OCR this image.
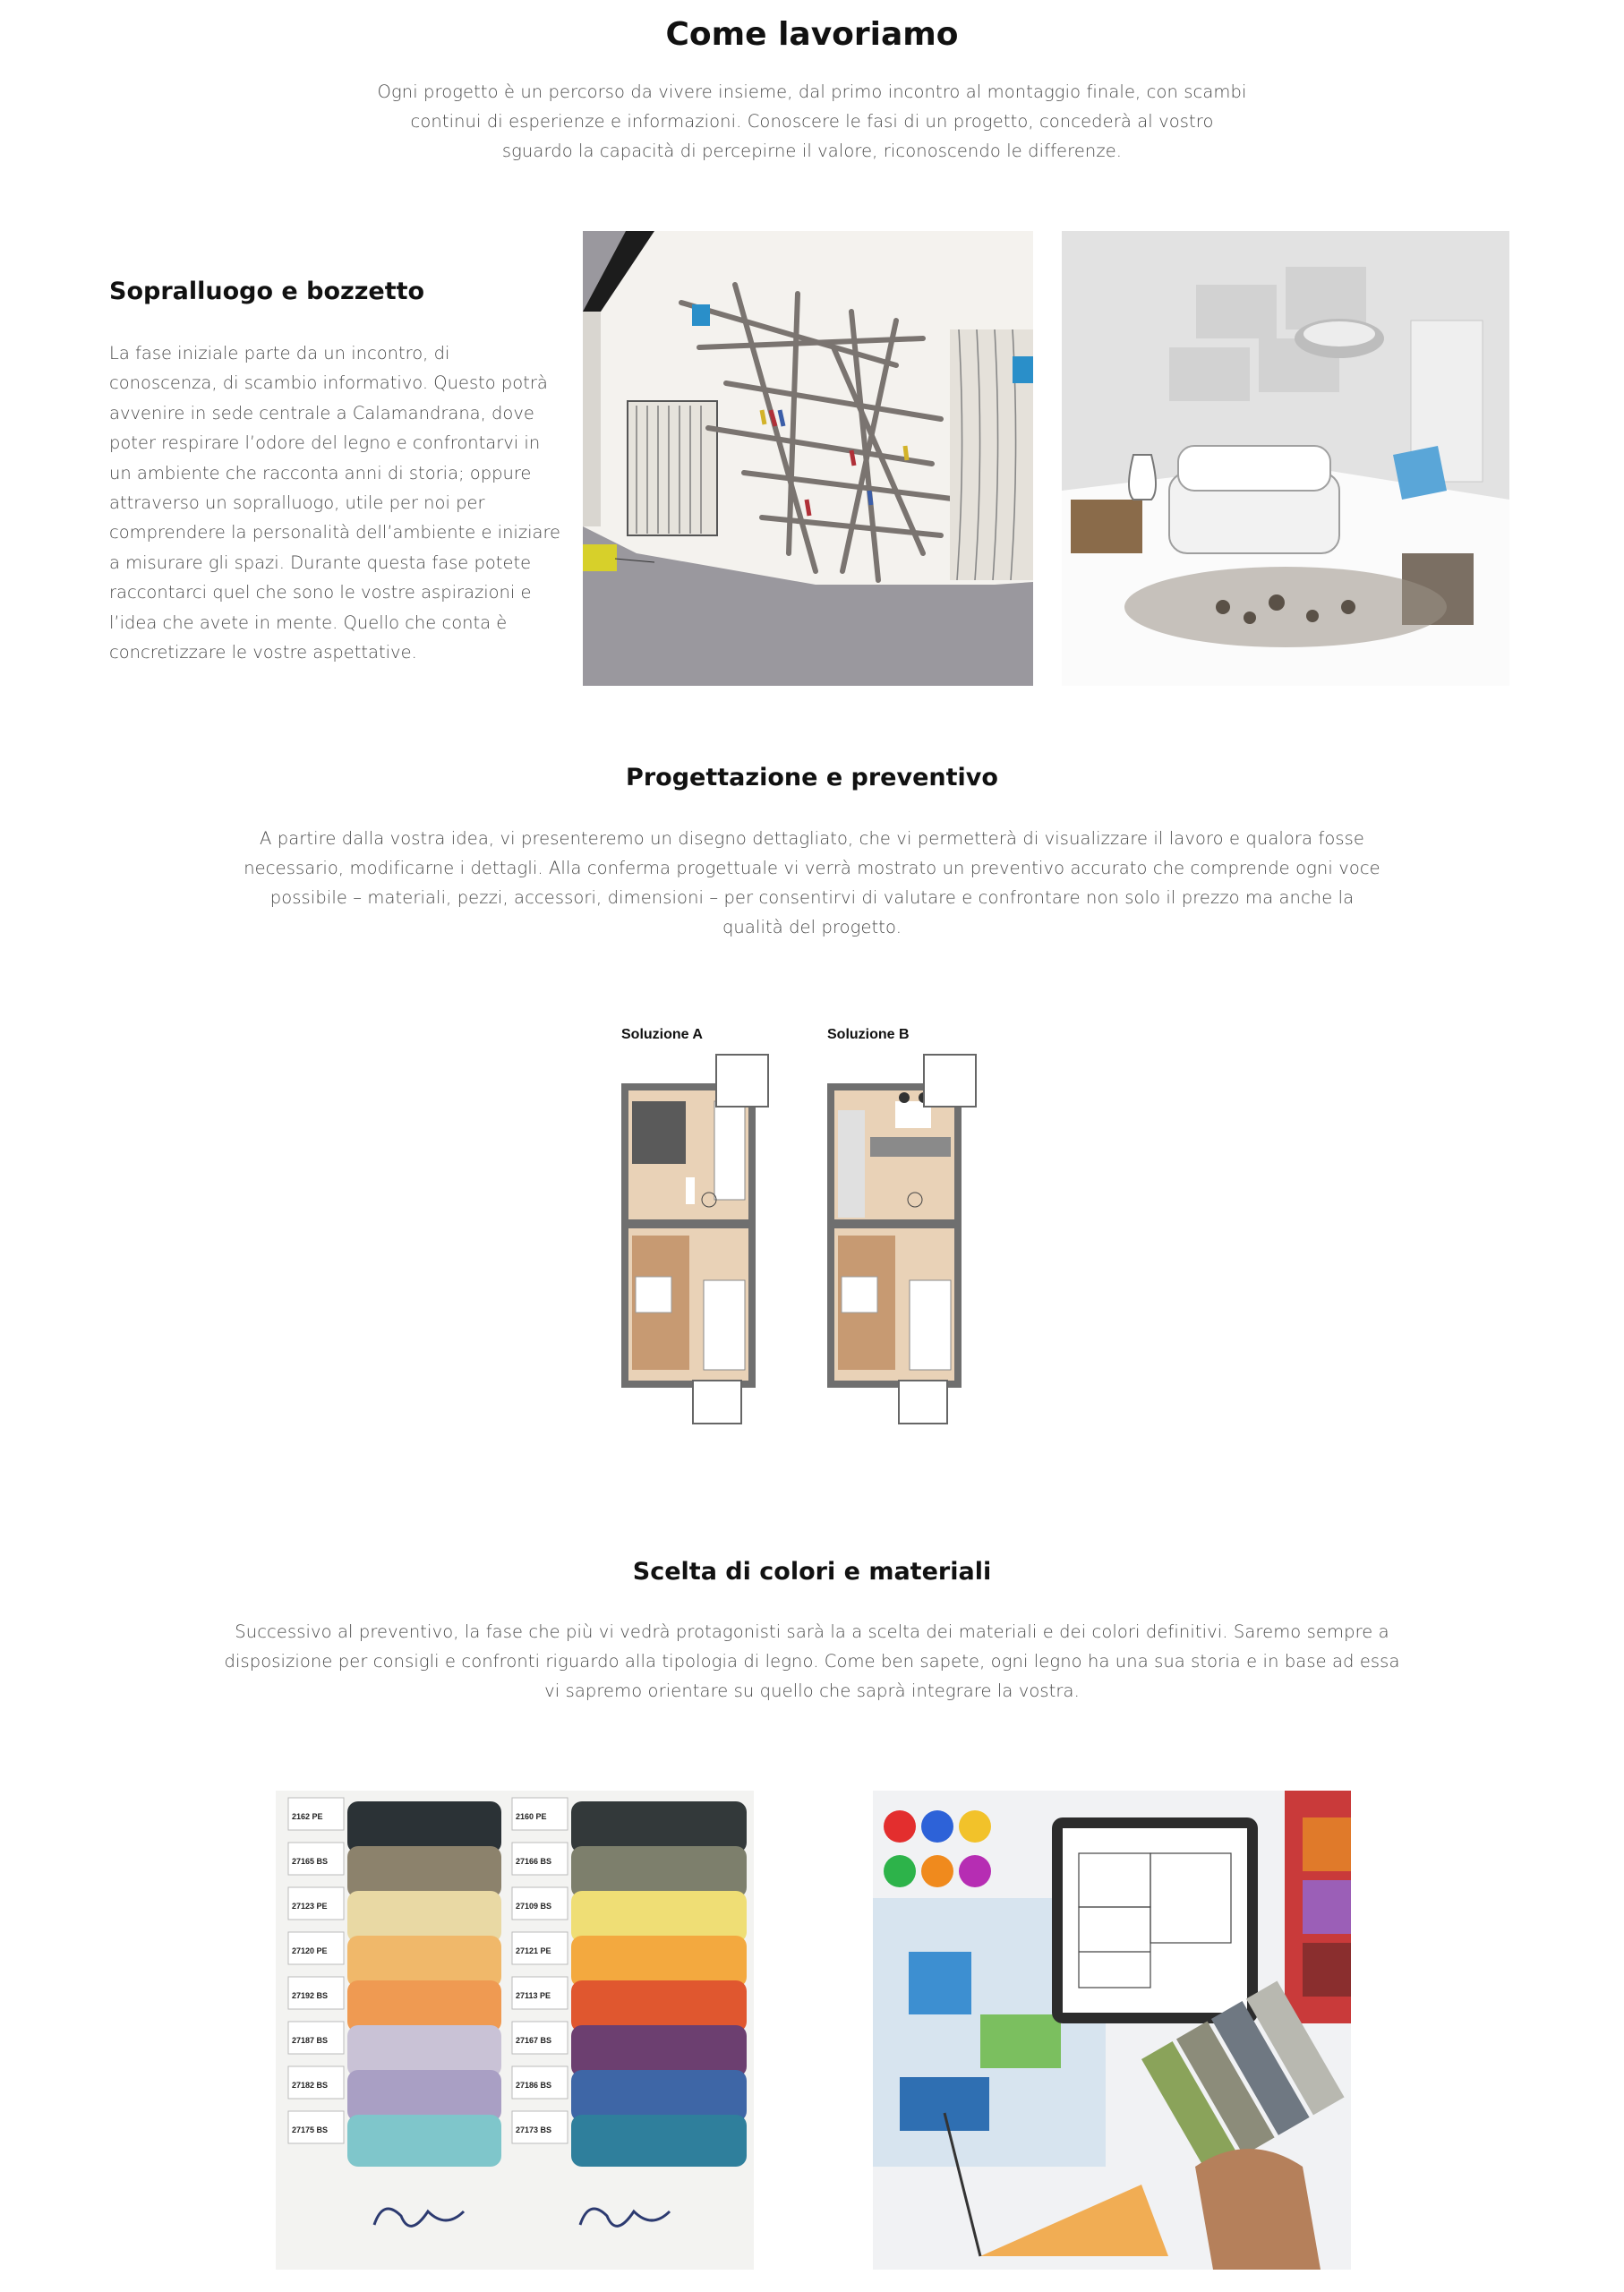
Come lavoriamo
Ogni progetto è un percorso da vivere insieme, dal primo incontro al montaggio finale, con scambi continui di esperienze e informazioni. Conoscere le fasi di un progetto, concederà al vostro sguardo la capacità di percepirne il valore, riconoscendo le differenze.
Sopralluogo e bozzetto
La fase iniziale parte da un incontro, di conoscenza, di scambio informativo. Questo potrà avvenire in sede centrale a Calamandrana, dove poter respirare l’odore del legno e confrontarvi in un ambiente che racconta anni di storia; oppure attraverso un sopralluogo, utile per noi per comprendere la personalità dell’ambiente e iniziare a misurare gli spazi. Durante questa fase potete raccontarci quel che sono le vostre aspirazioni e l’idea che avete in mente. Quello che conta è concretizzare le vostre aspettative.
Progettazione e preventivo
A partire dalla vostra idea, vi presenteremo un disegno dettagliato, che vi permetterà di visualizzare il lavoro e qualora fosse necessario, modificarne i dettagli. Alla conferma progettuale vi verrà mostrato un preventivo accurato che comprende ogni voce possibile – materiali, pezzi, accessori, dimensioni – per consentirvi di valutare e confrontare non solo il prezzo ma anche la qualità del progetto.
Soluzione A	Soluzione B
Scelta di colori e materiali
Successivo al preventivo, la fase che più vi vedrà protagonisti sarà la a scelta dei materiali e dei colori definitivi. Saremo sempre a disposizione per consigli e confronti riguardo alla tipologia di legno. Come ben sapete, ogni legno ha una sua storia e in base ad essa vi sapremo orientare su quello che saprà integrare la vostra.
2162 PE	2160 PE
27165 BS	27166 BS
27123 PE	27109 BS
27120 PE	27121 PE
27192 BS	27113 PE
27187 BS	27167 BS
27182 BS	27186 BS
27175 BS	27173 BS
